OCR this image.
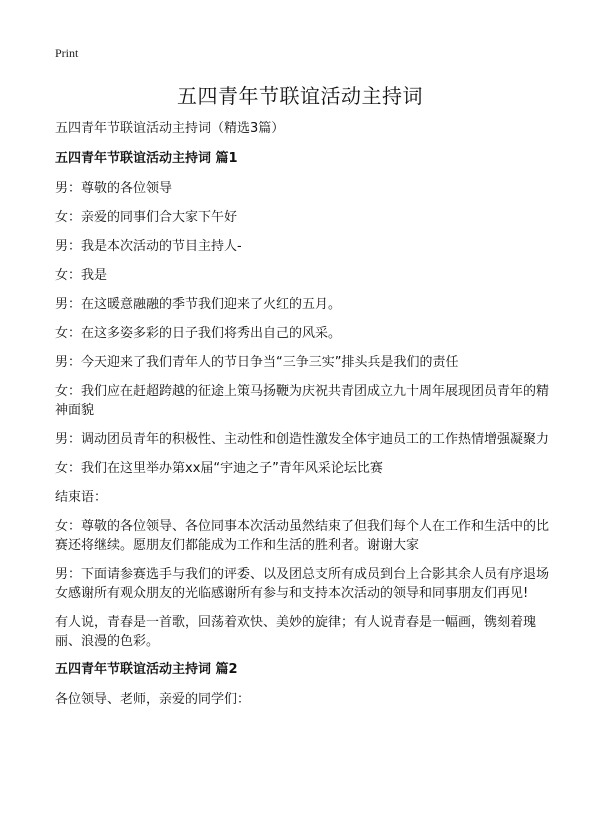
Print
五四青年节联谊活动主持词

五四青年节联谊活动主持词（精选3篇）

五四青年节联谊活动主持词 篇1

男：尊敬的各位领导

女：亲爱的同事们合大家下午好

男：我是本次活动的节目主持人-

女：我是

男：在这暖意融融的季节我们迎来了火红的五月。

女：在这多姿多彩的日子我们将秀出自己的风采。

男：今天迎来了我们青年人的节日争当“三争三实”排头兵是我们的责任

女：我们应在赶超跨越的征途上策马扬鞭为庆祝共青团成立九十周年展现团员青年的精神面貌

男：调动团员青年的积极性、主动性和创造性激发全体宇迪员工的工作热情增强凝聚力

女：我们在这里举办第xx届“宇迪之子”青年风采论坛比赛

结束语：

女：尊敬的各位领导、各位同事本次活动虽然结束了但我们每个人在工作和生活中的比赛还将继续。愿朋友们都能成为工作和生活的胜利者。谢谢大家

男：下面请参赛选手与我们的评委、以及团总支所有成员到台上合影其余人员有序退场女感谢所有观众朋友的光临感谢所有参与和支持本次活动的领导和同事朋友们再见!

有人说，青春是一首歌，回荡着欢快、美妙的旋律；有人说青春是一幅画，镌刻着瑰丽、浪漫的色彩。

五四青年节联谊活动主持词 篇2

各位领导、老师，亲爱的同学们：
